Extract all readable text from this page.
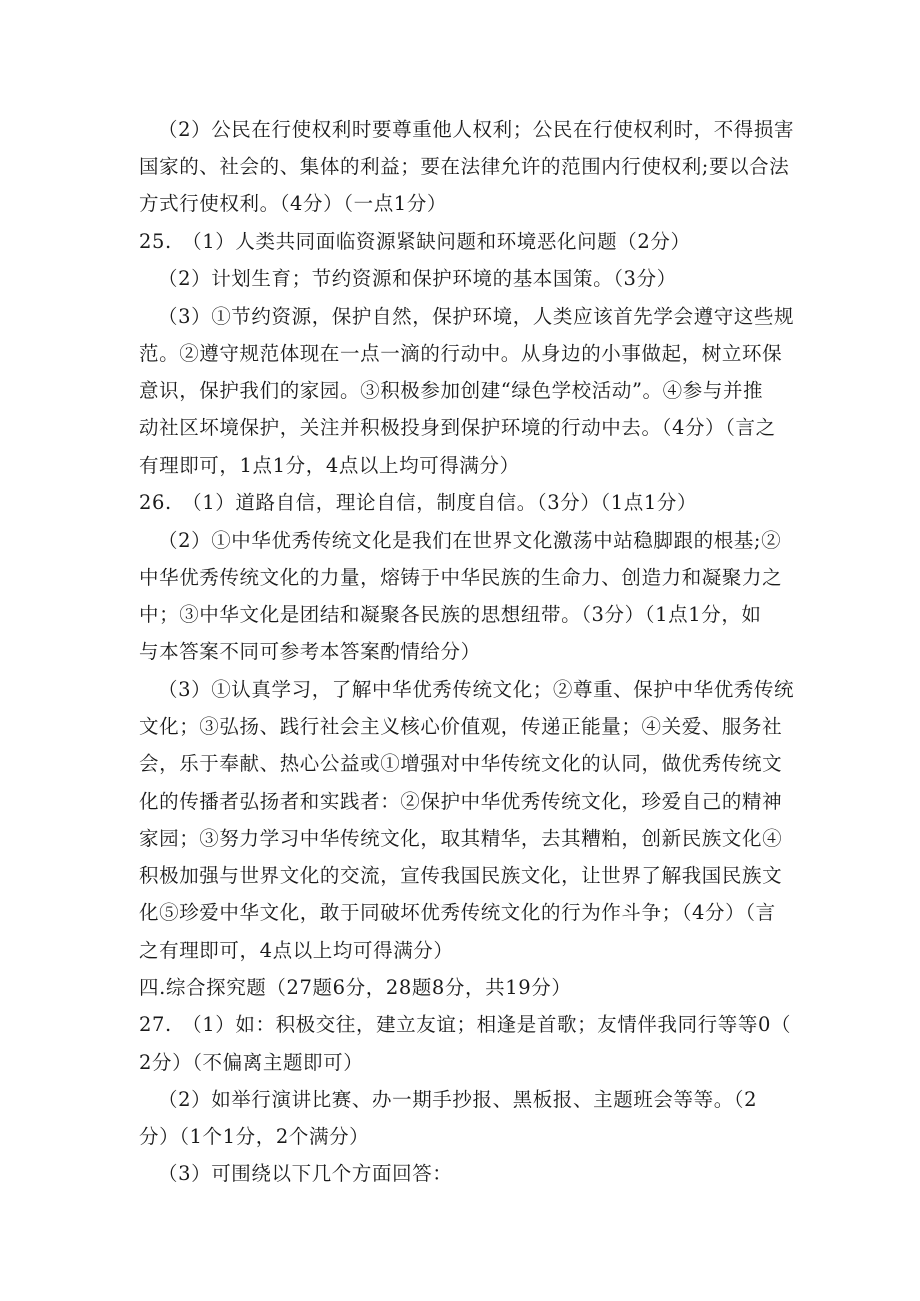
（2）公民在行使权利时要尊重他人权利；公民在行使权利时，不得损害
国家的、社会的、集体的利益；要在法律允许的范围内行使权利;要以合法
方式行使权利。（4分）（一点1分）
25.　（1）人类共同面临资源紧缺问题和环境恶化问题（2分）
（2）计划生育；节约资源和保护环境的基本国策。（3分）
（3）①节约资源，保护自然，保护环境，人类应该首先学会遵守这些规
范。②遵守规范体现在一点一滴的行动中。从身边的小事做起，树立环保
意识，保护我们的家园。③积极参加创建“绿色学校活动”。④参与并推
动社区坏境保护，关注并积极投身到保护环境的行动中去。（4分）（言之
有理即可，1点1分，4点以上均可得满分）
26.　（1）道路自信，理论自信，制度自信。（3分）（1点1分）
（2）①中华优秀传统文化是我们在世界文化激荡中站稳脚跟的根基;②
中华优秀传统文化的力量，熔铸于中华民族的生命力、创造力和凝聚力之
中；③中华文化是团结和凝聚各民族的思想纽带。（3分）（1点1分，如
与本答案不同可参考本答案酌情给分）
（3）①认真学习，了解中华优秀传统文化；②尊重、保护中华优秀传统
文化；③弘扬、践行社会主义核心价值观，传递正能量；④关爱、服务社
会，乐于奉献、热心公益或①增强对中华传统文化的认同，做优秀传统文
化的传播者弘扬者和实践者：②保护中华优秀传统文化，珍爱自己的精神
家园；③努力学习中华传统文化，取其精华，去其糟粕，创新民族文化④
积极加强与世界文化的交流，宣传我国民族文化，让世界了解我国民族文
化⑤珍爱中华文化，敢于同破坏优秀传统文化的行为作斗争；（4分）（言
之有理即可，4点以上均可得满分）
四.综合探究题（27题6分，28题8分，共19分）
27.　（1）如：积极交往，建立友谊；相逢是首歌；友情伴我同行等等0（
2分）（不偏离主题即可）
（2）如举行演讲比赛、办一期手抄报、黑板报、主题班会等等。（2
分）（1个1分，2个满分）
（3）可围绕以下几个方面回答：
